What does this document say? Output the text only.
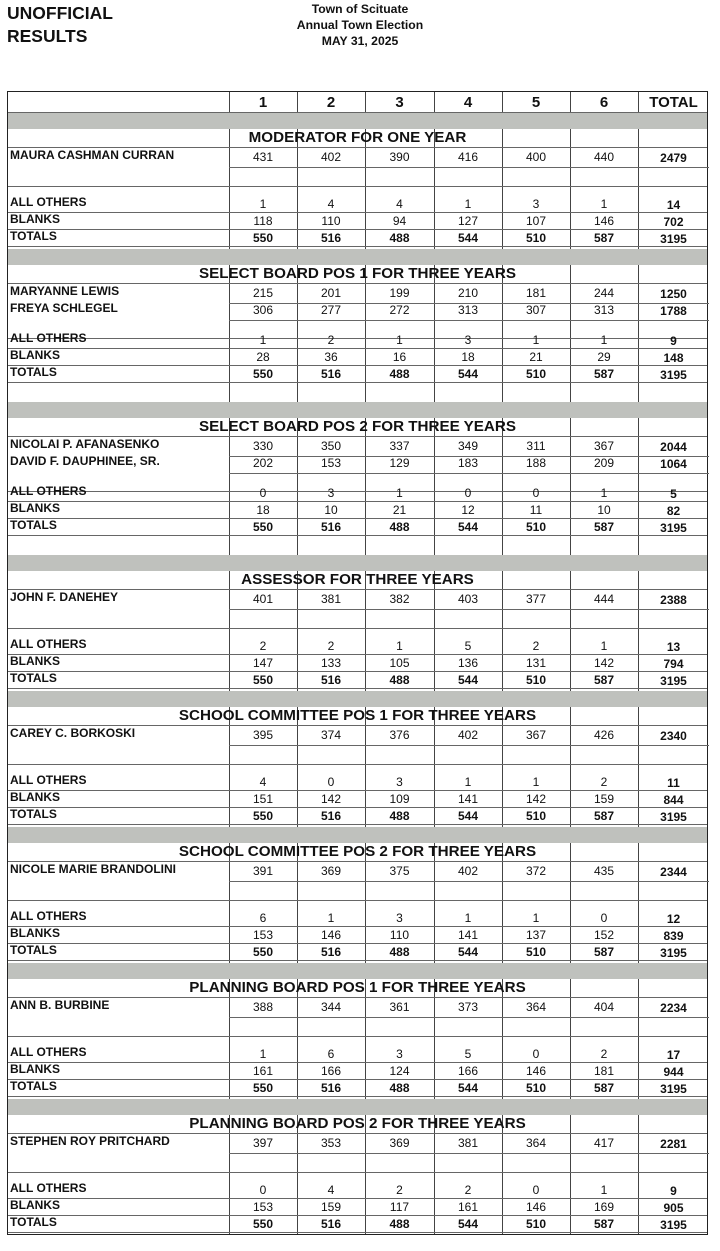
UNOFFICIAL
RESULTS
Town of Scituate
Annual Town Election
MAY 31, 2025
1	2	3	4	5	6	TOTAL
MODERATOR FOR ONE YEAR
MAURA CASHMAN CURRAN	431	402	390	416	400	440	2479
ALL OTHERS	1	4	4	1	3	1	14
BLANKS	118	110	94	127	107	146	702
TOTALS	550	516	488	544	510	587	3195
SELECT BOARD POS 1 FOR THREE YEARS
MARYANNE LEWIS	215	201	199	210	181	244	1250
FREYA SCHLEGEL	306	277	272	313	307	313	1788
ALL OTHERS	1	2	1	3	1	1	9
BLANKS	28	36	16	18	21	29	148
TOTALS	550	516	488	544	510	587	3195
SELECT BOARD POS 2 FOR THREE YEARS
NICOLAI P. AFANASENKO	330	350	337	349	311	367	2044
DAVID F. DAUPHINEE, SR.	202	153	129	183	188	209	1064
ALL OTHERS	0	3	1	0	0	1	5
BLANKS	18	10	21	12	11	10	82
TOTALS	550	516	488	544	510	587	3195
ASSESSOR FOR THREE YEARS
JOHN F. DANEHEY	401	381	382	403	377	444	2388
ALL OTHERS	2	2	1	5	2	1	13
BLANKS	147	133	105	136	131	142	794
TOTALS	550	516	488	544	510	587	3195
SCHOOL COMMITTEE POS 1 FOR THREE YEARS
CAREY C. BORKOSKI	395	374	376	402	367	426	2340
ALL OTHERS	4	0	3	1	1	2	11
BLANKS	151	142	109	141	142	159	844
TOTALS	550	516	488	544	510	587	3195
SCHOOL COMMITTEE POS 2 FOR THREE YEARS
NICOLE MARIE BRANDOLINI	391	369	375	402	372	435	2344
ALL OTHERS	6	1	3	1	1	0	12
BLANKS	153	146	110	141	137	152	839
TOTALS	550	516	488	544	510	587	3195
PLANNING BOARD POS 1 FOR THREE YEARS
ANN B. BURBINE	388	344	361	373	364	404	2234
ALL OTHERS	1	6	3	5	0	2	17
BLANKS	161	166	124	166	146	181	944
TOTALS	550	516	488	544	510	587	3195
PLANNING BOARD POS 2 FOR THREE YEARS
STEPHEN ROY PRITCHARD	397	353	369	381	364	417	2281
ALL OTHERS	0	4	2	2	0	1	9
BLANKS	153	159	117	161	146	169	905
TOTALS	550	516	488	544	510	587	3195
